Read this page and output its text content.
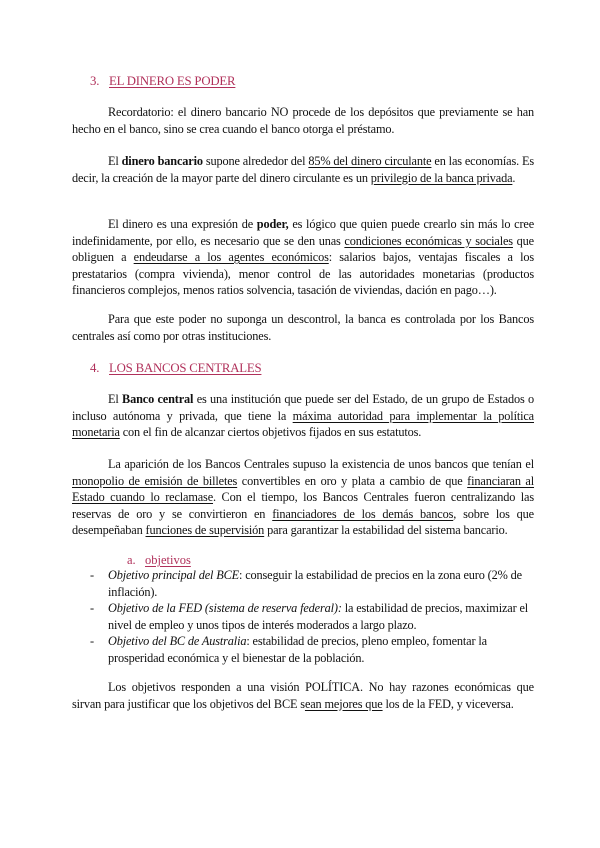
3. EL DINERO ES PODER
Recordatorio: el dinero bancario NO procede de los depósitos que previamente se han hecho en el banco, sino se crea cuando el banco otorga el préstamo.
El dinero bancario supone alrededor del 85% del dinero circulante en las economías. Es decir, la creación de la mayor parte del dinero circulante es un privilegio de la banca privada.
El dinero es una expresión de poder, es lógico que quien puede crearlo sin más lo cree indefinidamente, por ello, es necesario que se den unas condiciones económicas y sociales que obliguen a endeudarse a los agentes económicos: salarios bajos, ventajas fiscales a los prestatarios (compra vivienda), menor control de las autoridades monetarias (productos financieros complejos, menos ratios solvencia, tasación de viviendas, dación en pago…).
Para que este poder no suponga un descontrol, la banca es controlada por los Bancos centrales así como por otras instituciones.
4. LOS BANCOS CENTRALES
El Banco central es una institución que puede ser del Estado, de un grupo de Estados o incluso autónoma y privada, que tiene la máxima autoridad para implementar la política monetaria con el fin de alcanzar ciertos objetivos fijados en sus estatutos.
La aparición de los Bancos Centrales supuso la existencia de unos bancos que tenían el monopolio de emisión de billetes convertibles en oro y plata a cambio de que financiaran al Estado cuando lo reclamase. Con el tiempo, los Bancos Centrales fueron centralizando las reservas de oro y se convirtieron en financiadores de los demás bancos, sobre los que desempeñaban funciones de supervisión para garantizar la estabilidad del sistema bancario.
a. objetivos
- Objetivo principal del BCE: conseguir la estabilidad de precios en la zona euro (2% de inflación).
- Objetivo de la FED (sistema de reserva federal): la estabilidad de precios, maximizar el nivel de empleo y unos tipos de interés moderados a largo plazo.
- Objetivo del BC de Australia: estabilidad de precios, pleno empleo, fomentar la prosperidad económica y el bienestar de la población.
Los objetivos responden a una visión POLÍTICA. No hay razones económicas que sirvan para justificar que los objetivos del BCE sean mejores que los de la FED, y viceversa.
